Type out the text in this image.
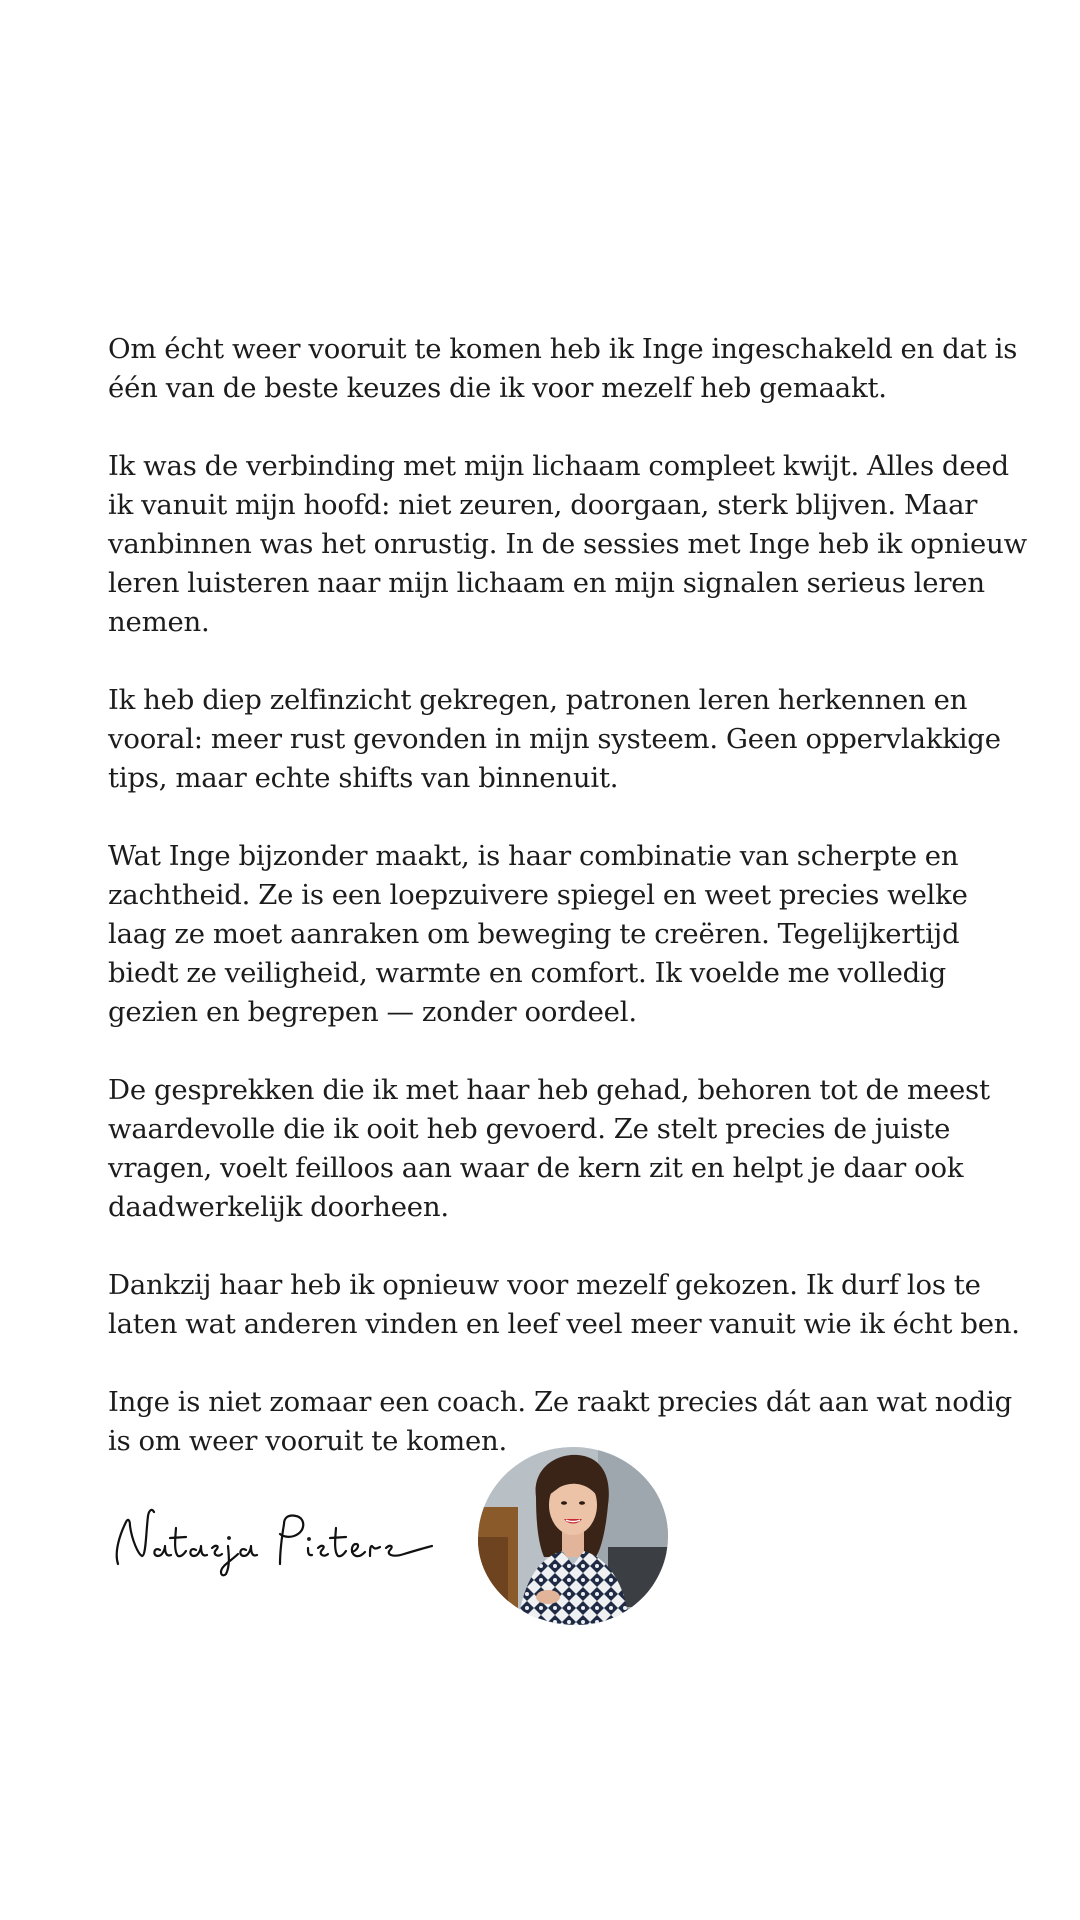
Om écht weer vooruit te komen heb ik Inge ingeschakeld en dat is één van de beste keuzes die ik voor mezelf heb gemaakt.

Ik was de verbinding met mijn lichaam compleet kwijt. Alles deed ik vanuit mijn hoofd: niet zeuren, doorgaan, sterk blijven. Maar vanbinnen was het onrustig. In de sessies met Inge heb ik opnieuw leren luisteren naar mijn lichaam en mijn signalen serieus leren nemen.

Ik heb diep zelfinzicht gekregen, patronen leren herkennen en vooral: meer rust gevonden in mijn systeem. Geen oppervlakkige tips, maar echte shifts van binnenuit.

Wat Inge bijzonder maakt, is haar combinatie van scherpte en zachtheid. Ze is een loepzuivere spiegel en weet precies welke laag ze moet aanraken om beweging te creëren. Tegelijkertijd biedt ze veiligheid, warmte en comfort. Ik voelde me volledig gezien en begrepen — zonder oordeel.

De gesprekken die ik met haar heb gehad, behoren tot de meest waardevolle die ik ooit heb gevoerd. Ze stelt precies de juiste vragen, voelt feilloos aan waar de kern zit en helpt je daar ook daadwerkelijk doorheen.

Dankzij haar heb ik opnieuw voor mezelf gekozen. Ik durf los te laten wat anderen vinden en leef veel meer vanuit wie ik écht ben.

Inge is niet zomaar een coach. Ze raakt precies dát aan wat nodig is om weer vooruit te komen.
